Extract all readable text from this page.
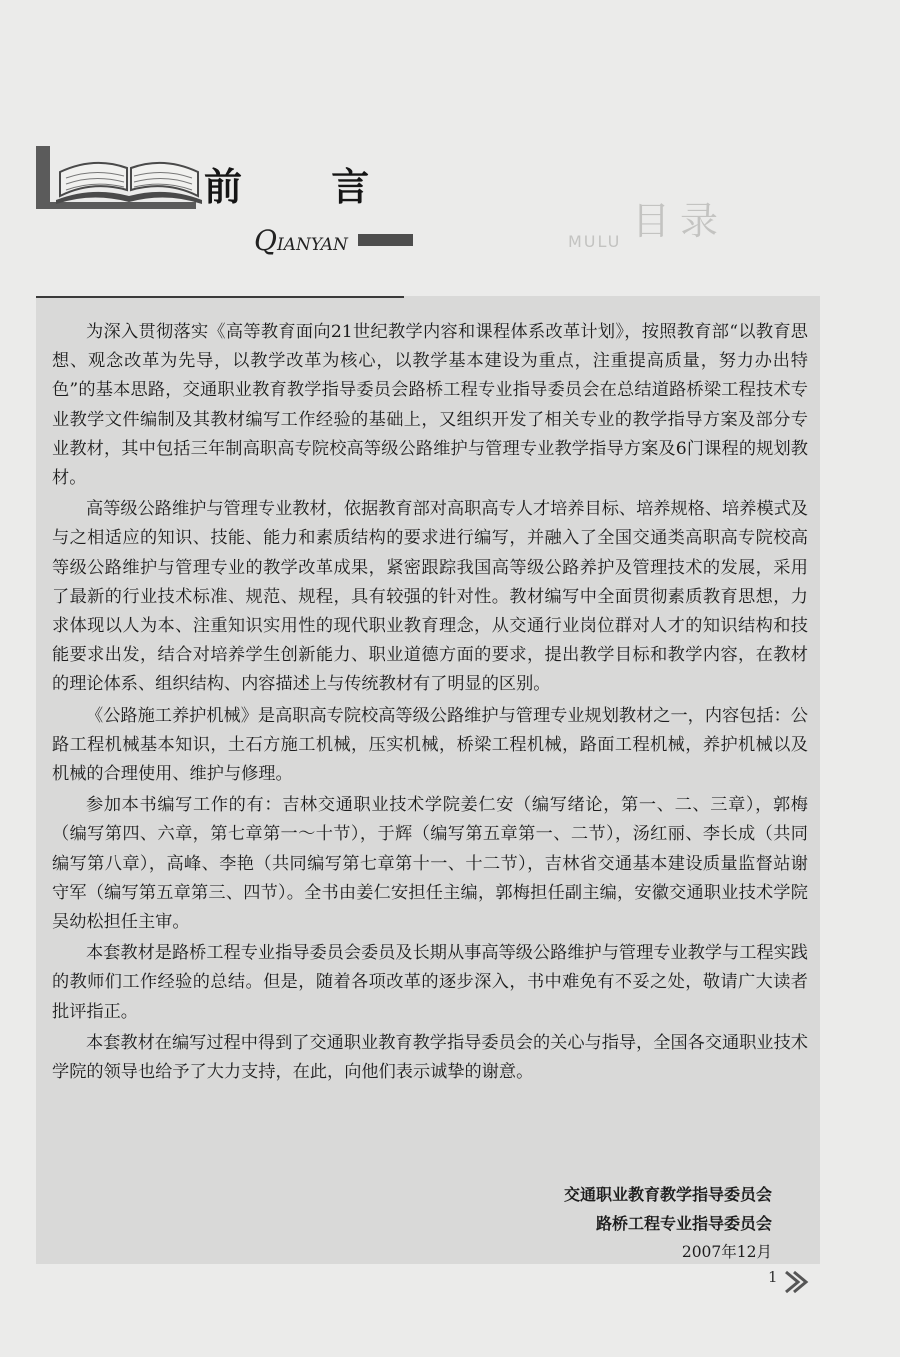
前 言
QIANYAN
目录
MULU

为深入贯彻落实《高等教育面向21世纪教学内容和课程体系改革计划》，按照教育部“以教育思想、观念改革为先导，以教学改革为核心，以教学基本建设为重点，注重提高质量，努力办出特色”的基本思路，交通职业教育教学指导委员会路桥工程专业指导委员会在总结道路桥梁工程技术专业教学文件编制及其教材编写工作经验的基础上，又组织开发了相关专业的教学指导方案及部分专业教材，其中包括三年制高职高专院校高等级公路维护与管理专业教学指导方案及6门课程的规划教材。

高等级公路维护与管理专业教材，依据教育部对高职高专人才培养目标、培养规格、培养模式及与之相适应的知识、技能、能力和素质结构的要求进行编写，并融入了全国交通类高职高专院校高等级公路维护与管理专业的教学改革成果，紧密跟踪我国高等级公路养护及管理技术的发展，采用了最新的行业技术标准、规范、规程，具有较强的针对性。教材编写中全面贯彻素质教育思想，力求体现以人为本、注重知识实用性的现代职业教育理念，从交通行业岗位群对人才的知识结构和技能要求出发，结合对培养学生创新能力、职业道德方面的要求，提出教学目标和教学内容，在教材的理论体系、组织结构、内容描述上与传统教材有了明显的区别。

《公路施工养护机械》是高职高专院校高等级公路维护与管理专业规划教材之一，内容包括：公路工程机械基本知识，土石方施工机械，压实机械，桥梁工程机械，路面工程机械，养护机械以及机械的合理使用、维护与修理。

参加本书编写工作的有：吉林交通职业技术学院姜仁安（编写绪论，第一、二、三章），郭梅（编写第四、六章，第七章第一～十节），于辉（编写第五章第一、二节），汤红丽、李长成（共同编写第八章），高峰、李艳（共同编写第七章第十一、十二节），吉林省交通基本建设质量监督站谢守军（编写第五章第三、四节）。全书由姜仁安担任主编，郭梅担任副主编，安徽交通职业技术学院吴幼松担任主审。

本套教材是路桥工程专业指导委员会委员及长期从事高等级公路维护与管理专业教学与工程实践的教师们工作经验的总结。但是，随着各项改革的逐步深入，书中难免有不妥之处，敬请广大读者批评指正。

本套教材在编写过程中得到了交通职业教育教学指导委员会的关心与指导，全国各交通职业技术学院的领导也给予了大力支持，在此，向他们表示诚挚的谢意。

交通职业教育教学指导委员会
路桥工程专业指导委员会
2007年12月
1
